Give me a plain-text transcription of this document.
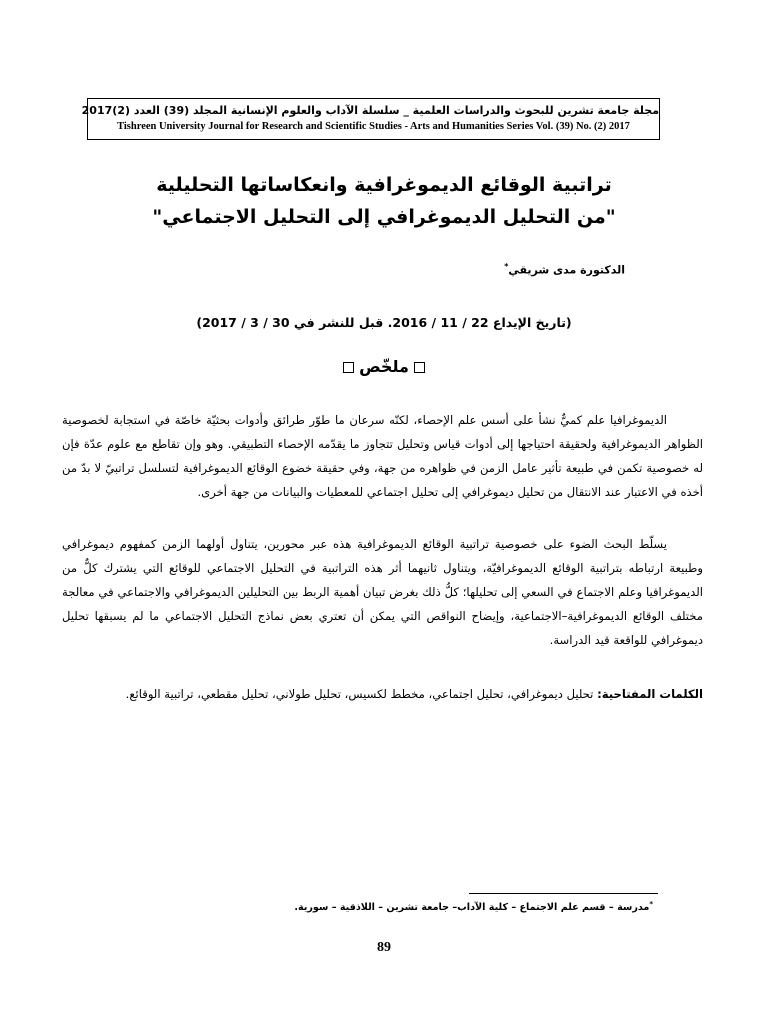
مجلة جامعة تشرين للبحوث والدراسات العلمية _ سلسلة الآداب والعلوم الإنسانية المجلد (39) العدد (2)2017
Tishreen University Journal for Research and Scientific Studies - Arts and Humanities Series Vol. (39) No. (2) 2017
تراتبية الوقائع الديموغرافية وانعكاساتها التحليلية
"من التحليل الديموغرافي إلى التحليل الاجتماعي"
الدكتورة مدى شريقي*
(تاريخ الإيداع 22 / 11 / 2016. قبل للنشر في 30 / 3 / 2017)
ملخّص
الديموغرافيا علم كميٌّ نشأ على أسس علم الإحصاء، لكنّه سرعان ما طوّر طرائق وأدوات بحثيّة خاصّة في استجابة لخصوصية الظواهر الديموغرافية ولحقيقة احتياجها إلى أدوات قياس وتحليل تتجاوز ما يقدّمه الإحصاء التطبيقي. وهو وإن تقاطع مع علوم عدّة فإن له خصوصية تكمن في طبيعة تأثير عامل الزمن في ظواهره من جهة، وفي حقيقة خضوع الوقائع الديموغرافية لتسلسل تراتبيّ لا بدّ من أخذه في الاعتبار عند الانتقال من تحليل ديموغرافي إلى تحليل اجتماعي للمعطيات والبيانات من جهة أخرى.
يسلّط البحث الضوء على خصوصية تراتبية الوقائع الديموغرافية هذه عبر محورين، يتناول أولهما الزمن كمفهوم ديموغرافي وطبيعة ارتباطه بتراتبية الوقائع الديموغرافيّة، ويتناول ثانيهما أثر هذه التراتبية في التحليل الاجتماعي للوقائع التي يشترك كلٌّ من الديموغرافيا وعلم الاجتماع في السعي إلى تحليلها؛ كلُّ ذلك بغرض تبيان أهمية الربط بين التحليلين الديموغرافي والاجتماعي في معالجة مختلف الوقائع الديموغرافية–الاجتماعية، وإيضاح النواقص التي يمكن أن تعتري بعض نماذج التحليل الاجتماعي ما لم يسبقها تحليل ديموغرافي للواقعة قيد الدراسة.
الكلمات المفتاحية: تحليل ديموغرافي، تحليل اجتماعي، مخطط لكسيس، تحليل طولاني، تحليل مقطعي، تراتبية الوقائع.
*مدرسة – قسم علم الاجتماع – كلية الآداب– جامعة تشرين – اللاذقية – سورية.
89
